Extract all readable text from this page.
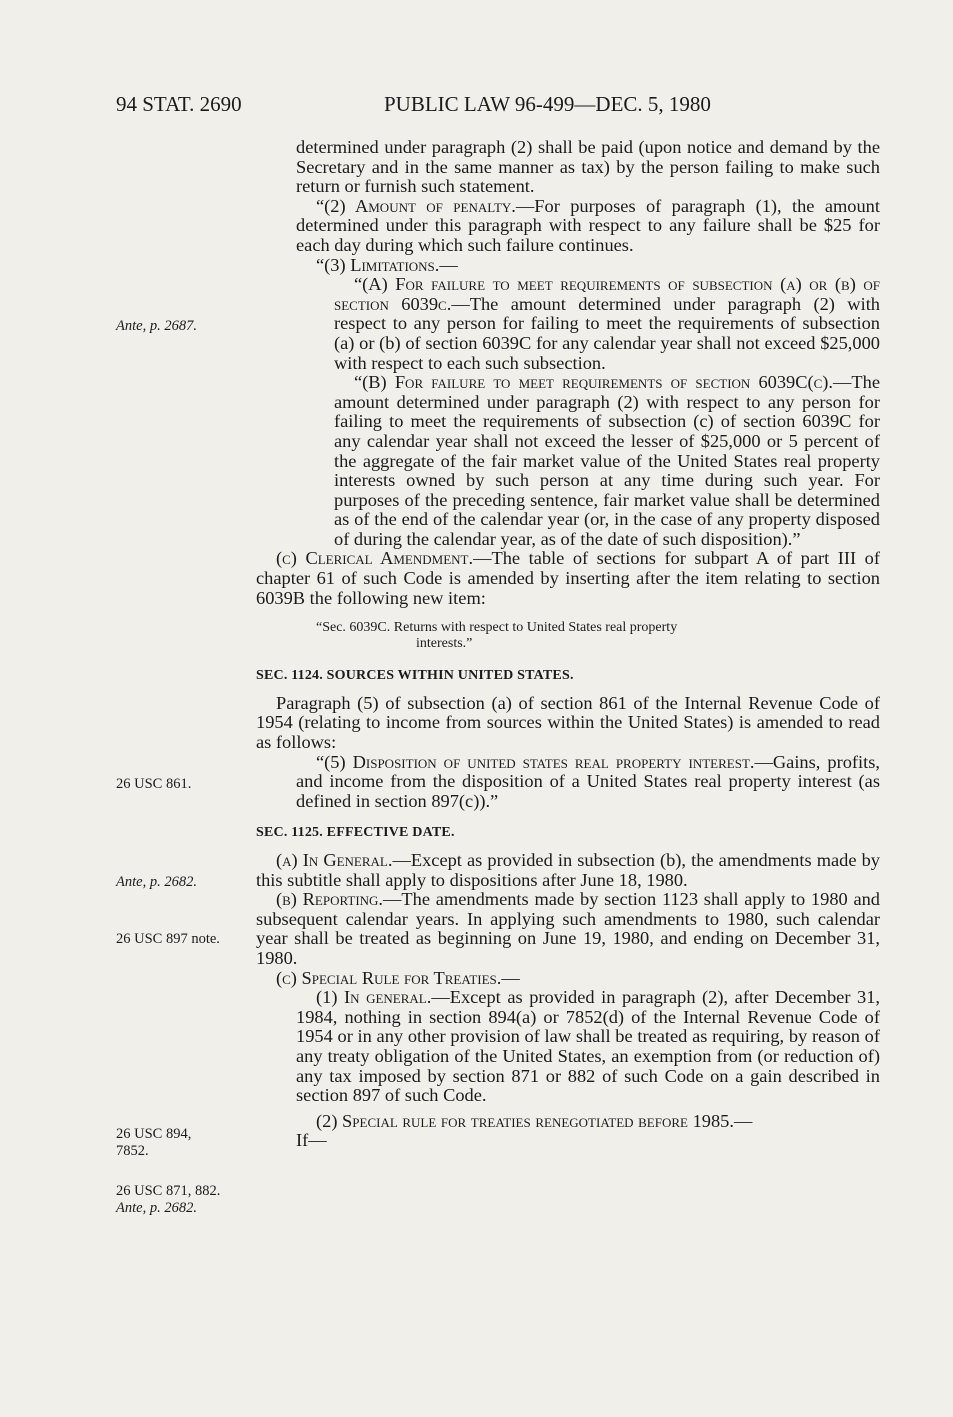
94 STAT. 2690	PUBLIC LAW 96-499—DEC. 5, 1980
Ante, p. 2687.
26 USC 861.
Ante, p. 2682.
26 USC 897 note.
26 USC 894,
7852.
26 USC 871, 882.
Ante, p. 2682.

determined under paragraph (2) shall be paid (upon notice and demand by the Secretary and in the same manner as tax) by the person failing to make such return or furnish such statement.

“(2) Amount of penalty.—For purposes of paragraph (1), the amount determined under this paragraph with respect to any failure shall be $25 for each day during which such failure continues.

“(3) Limitations.—

“(A) For failure to meet requirements of subsection (a) or (b) of section 6039c.—The amount determined under paragraph (2) with respect to any person for failing to meet the requirements of subsection (a) or (b) of section 6039C for any calendar year shall not exceed $25,000 with respect to each such subsection.

“(B) For failure to meet requirements of section 6039C(c).—The amount determined under paragraph (2) with respect to any person for failing to meet the requirements of subsection (c) of section 6039C for any calendar year shall not exceed the lesser of $25,000 or 5 percent of the aggregate of the fair market value of the United States real property interests owned by such person at any time during such year. For purposes of the preceding sentence, fair market value shall be determined as of the end of the calendar year (or, in the case of any property disposed of during the calendar year, as of the date of such disposition).”

(c) Clerical Amendment.—The table of sections for subpart A of part III of chapter 61 of such Code is amended by inserting after the item relating to section 6039B the following new item:

“Sec. 6039C. Returns with respect to United States real property
interests.”
SEC. 1124. SOURCES WITHIN UNITED STATES.

Paragraph (5) of subsection (a) of section 861 of the Internal Revenue Code of 1954 (relating to income from sources within the United States) is amended to read as follows:

“(5) Disposition of united states real property interest.—Gains, profits, and income from the disposition of a United States real property interest (as defined in section 897(c)).”

SEC. 1125. EFFECTIVE DATE.

(a) In General.—Except as provided in subsection (b), the amendments made by this subtitle shall apply to dispositions after June 18, 1980.

(b) Reporting.—The amendments made by section 1123 shall apply to 1980 and subsequent calendar years. In applying such amendments to 1980, such calendar year shall be treated as beginning on June 19, 1980, and ending on December 31, 1980.

(c) Special Rule for Treaties.—

(1) In general.—Except as provided in paragraph (2), after December 31, 1984, nothing in section 894(a) or 7852(d) of the Internal Revenue Code of 1954 or in any other provision of law shall be treated as requiring, by reason of any treaty obligation of the United States, an exemption from (or reduction of) any tax imposed by section 871 or 882 of such Code on a gain described in section 897 of such Code.

(2) Special rule for treaties renegotiated before 1985.—

If—
